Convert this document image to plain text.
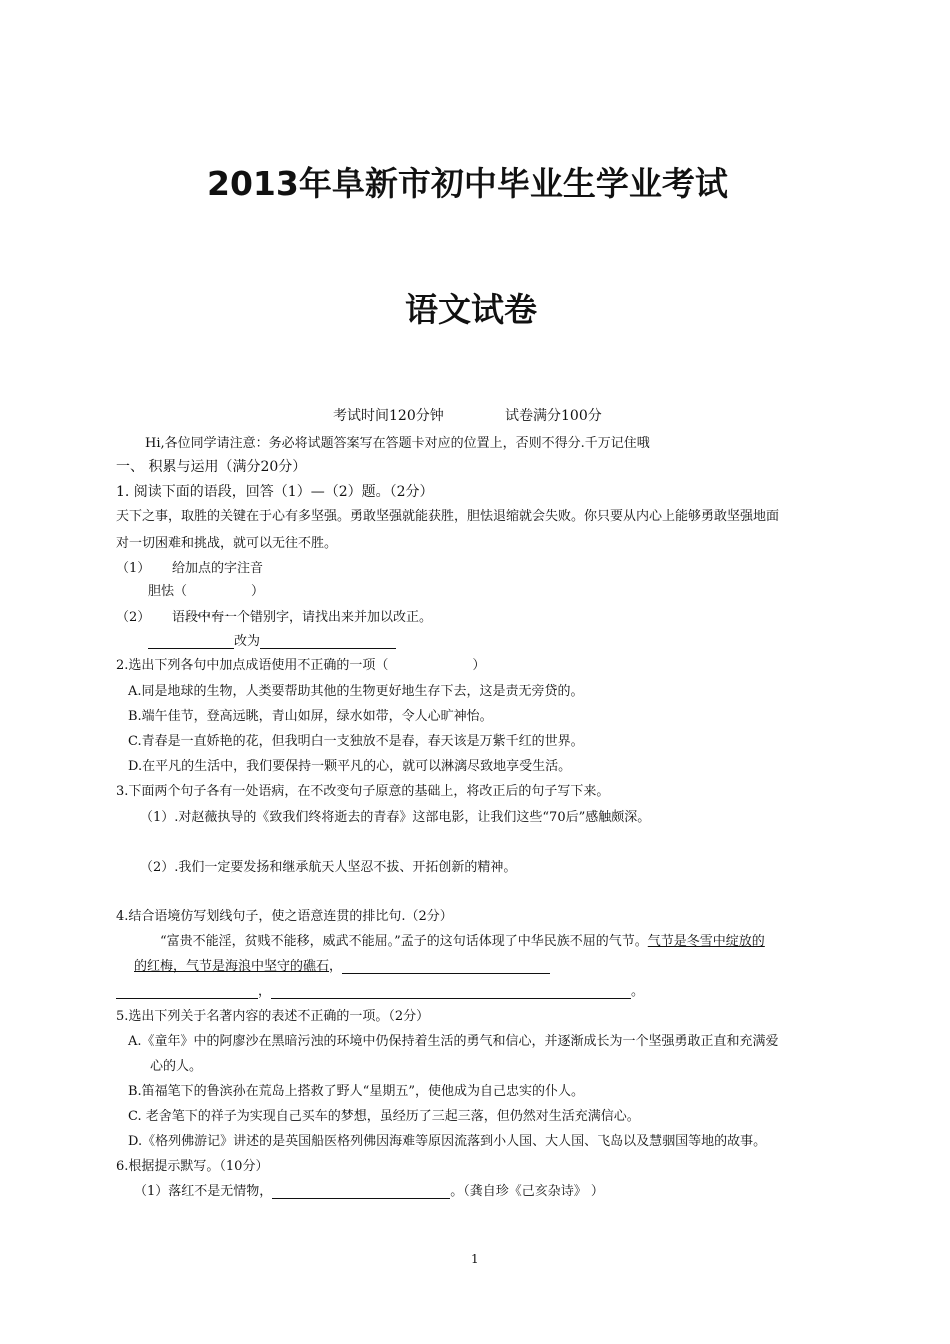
2013年阜新市初中毕业生学业考试
语文试卷
考试时间120分钟	试卷满分100分
Hi,各位同学请注意：务必将试题答案写在答题卡对应的位置上，否则不得分.千万记住哦
一、 积累与运用（满分20分）
1. 阅读下面的语段，回答（1）—（2）题。（2分）
天下之事，取胜的关键在于心有多坚强。勇敢坚强就能获胜，胆怯退缩就会失败。你只要从内心上能够勇敢坚强地面
对一切困难和挑战，就可以无往不胜。
（1） 给加点的字注音
胆怯（	）
（2） 语段中有一个错别字，请找出来并加以改正。
改为
2.选出下列各句中加点成语使用不正确的一项（	）
A.同是地球的生物，人类要帮助其他的生物更好地生存下去，这是责无旁贷的。
B.端午佳节，登高远眺，青山如屏，绿水如带，令人心旷神怡。
C.青春是一直娇艳的花，但我明白一支独放不是春，春天该是万紫千红的世界。
D.在平凡的生活中，我们要保持一颗平凡的心，就可以淋漓尽致地享受生活。
3.下面两个句子各有一处语病，在不改变句子原意的基础上，将改正后的句子写下来。
（1）.对赵薇执导的《致我们终将逝去的青春》这部电影，让我们这些“70后”感触颇深。
（2）.我们一定要发扬和继承航天人坚忍不拔、开拓创新的精神。
4.结合语境仿写划线句子，使之语意连贯的排比句.（2分）
“富贵不能淫，贫贱不能移，威武不能屈。”孟子的这句话体现了中华民族不屈的气节。气节是冬雪中绽放的
的红梅，气节是海浪中坚守的礁石，
，	。
5.选出下列关于名著内容的表述不正确的一项。（2分）
A.《童年》中的阿廖沙在黑暗污浊的环境中仍保持着生活的勇气和信心，并逐渐成长为一个坚强勇敢正直和充满爱
心的人。
B.笛福笔下的鲁滨孙在荒岛上搭救了野人“星期五”，使他成为自己忠实的仆人。
C. 老舍笔下的祥子为实现自己买车的梦想，虽经历了三起三落，但仍然对生活充满信心。
D.《格列佛游记》讲述的是英国船医格列佛因海难等原因流落到小人国、大人国、飞岛以及慧骃国等地的故事。
6.根据提示默写。（10分）
（1）落红不是无情物，	。（龚自珍《己亥杂诗》 ）
1
